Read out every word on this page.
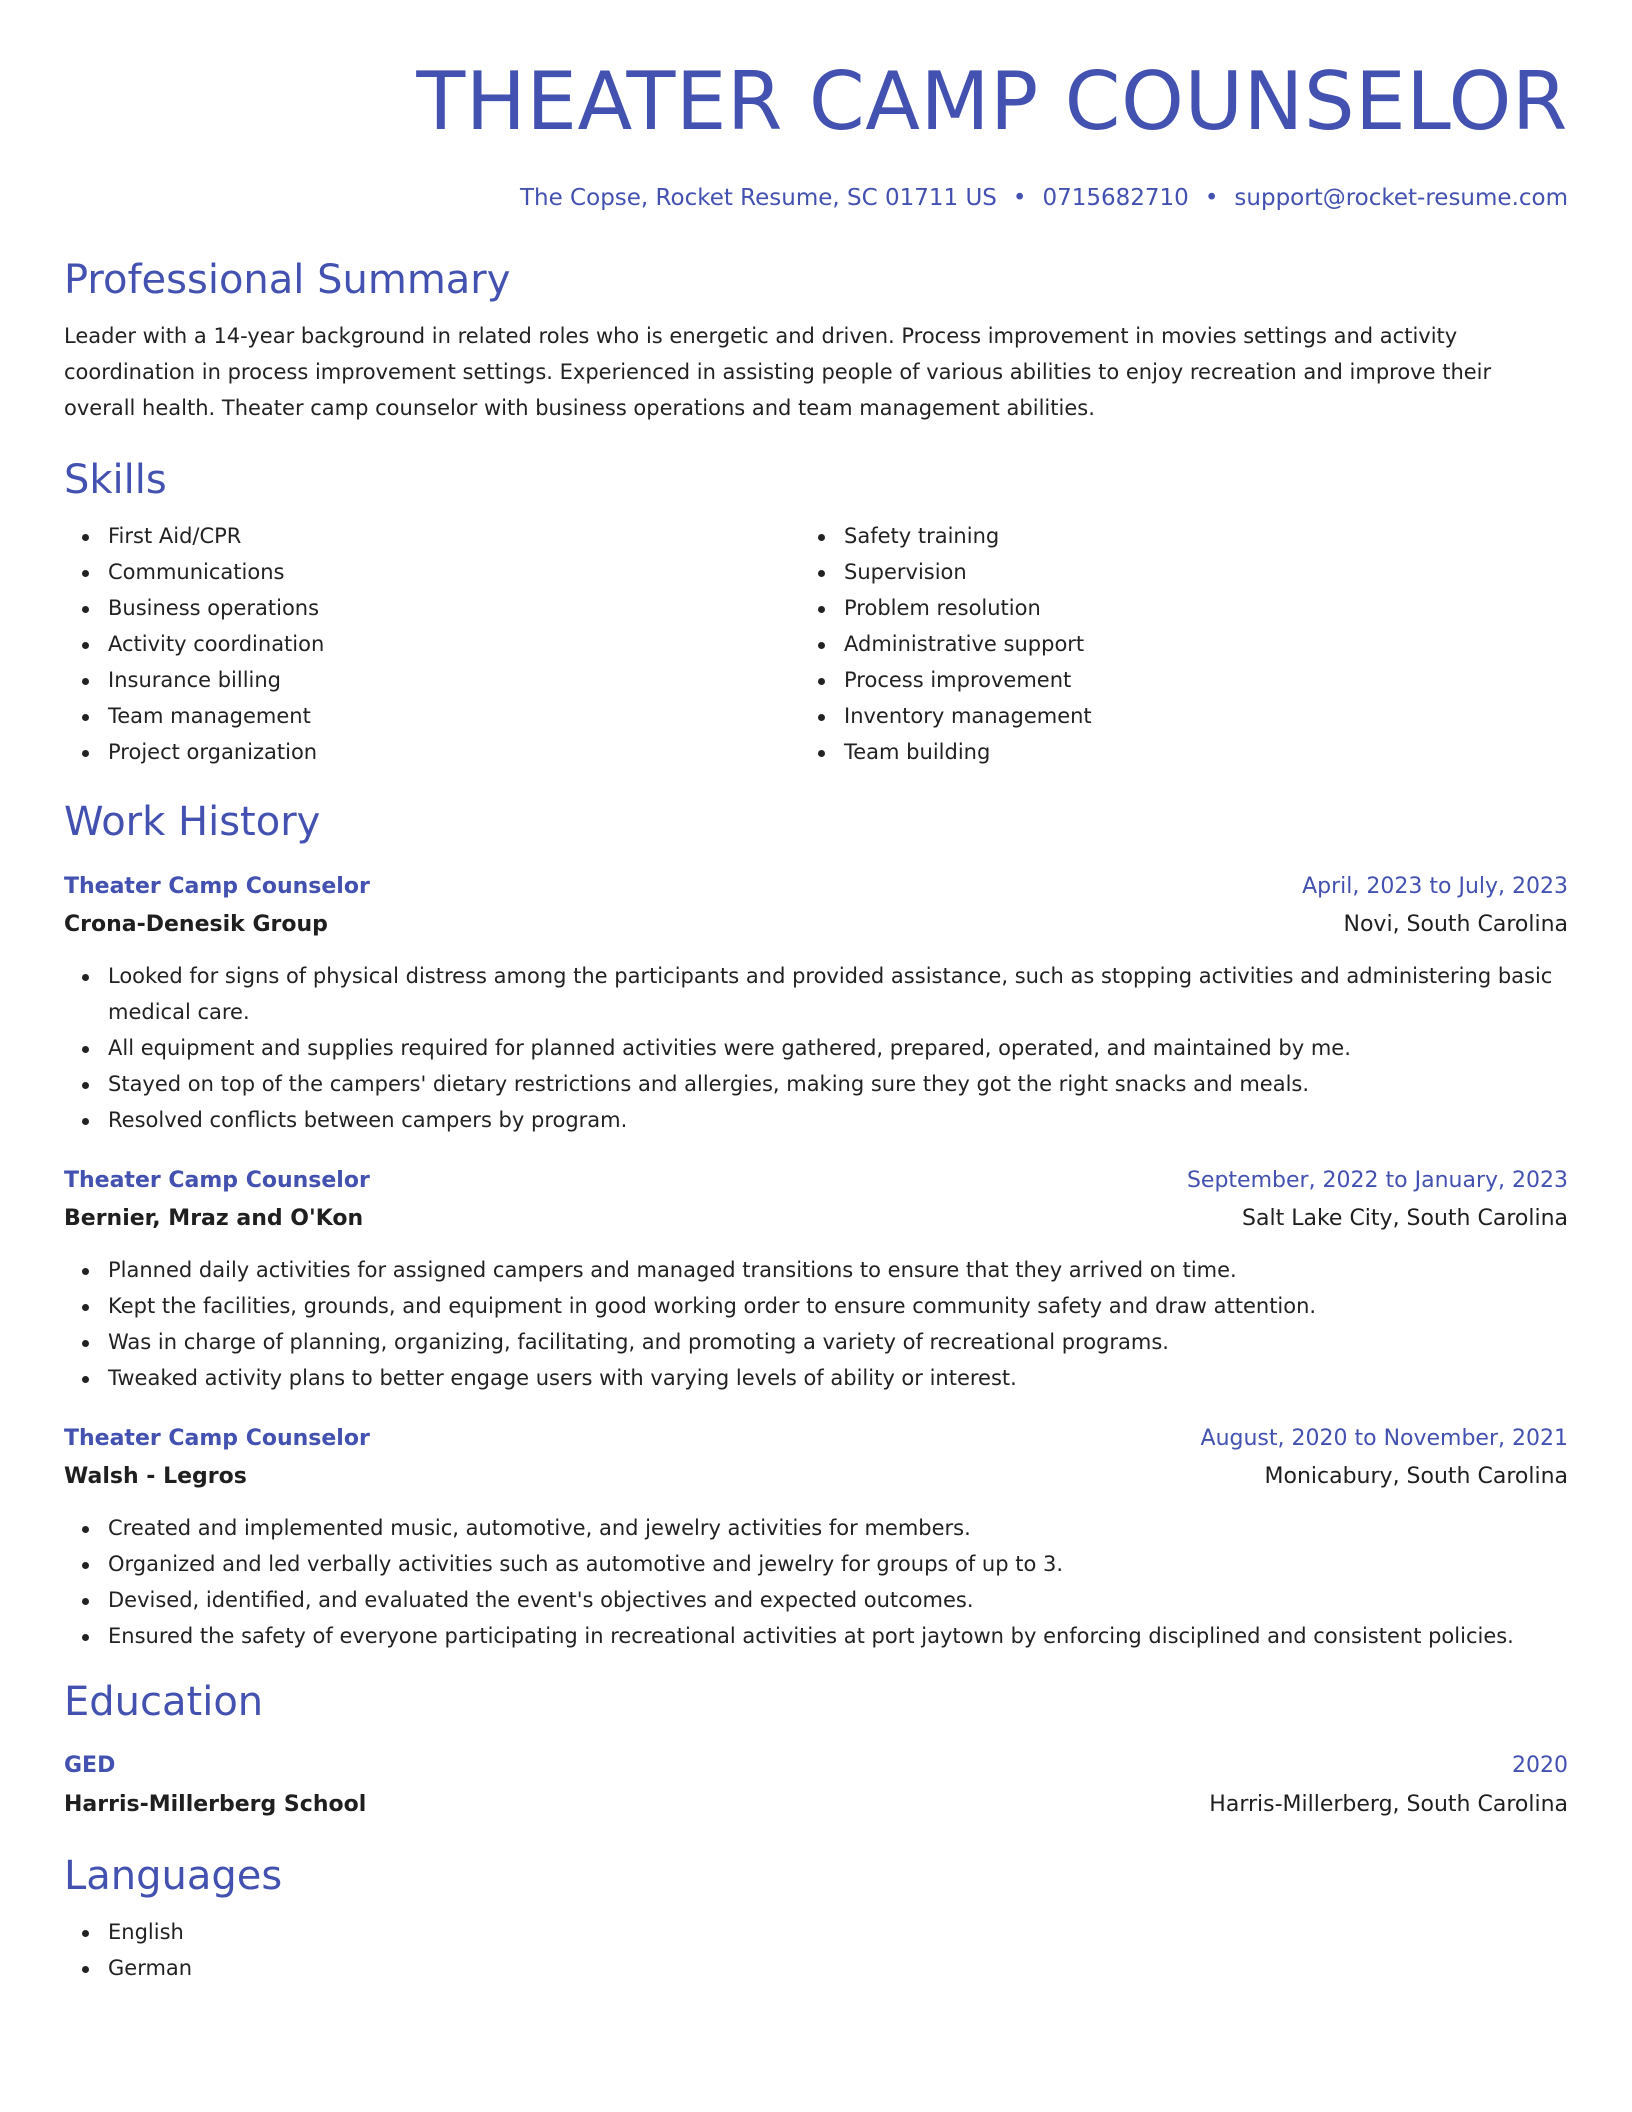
THEATER CAMP COUNSELOR
The Copse, Rocket Resume, SC 01711 US • 0715682710 • support@rocket-resume.com
Professional Summary

Leader with a 14-year background in related roles who is energetic and driven. Process improvement in movies settings and activity coordination in process improvement settings. Experienced in assisting people of various abilities to enjoy recreation and improve their overall health. Theater camp counselor with business operations and team management abilities.

Skills
First Aid/CPR
Communications
Business operations
Activity coordination
Insurance billing
Team management
Project organization
Safety training
Supervision
Problem resolution
Administrative support
Process improvement
Inventory management
Team building
Work History
Theater Camp Counselor	April, 2023 to July, 2023
Crona-Denesik Group	Novi, South Carolina
Looked for signs of physical distress among the participants and provided assistance, such as stopping activities and administering basic medical care.
All equipment and supplies required for planned activities were gathered, prepared, operated, and maintained by me.
Stayed on top of the campers' dietary restrictions and allergies, making sure they got the right snacks and meals.
Resolved conflicts between campers by program.
Theater Camp Counselor	September, 2022 to January, 2023
Bernier, Mraz and O'Kon	Salt Lake City, South Carolina
Planned daily activities for assigned campers and managed transitions to ensure that they arrived on time.
Kept the facilities, grounds, and equipment in good working order to ensure community safety and draw attention.
Was in charge of planning, organizing, facilitating, and promoting a variety of recreational programs.
Tweaked activity plans to better engage users with varying levels of ability or interest.
Theater Camp Counselor	August, 2020 to November, 2021
Walsh - Legros	Monicabury, South Carolina
Created and implemented music, automotive, and jewelry activities for members.
Organized and led verbally activities such as automotive and jewelry for groups of up to 3.
Devised, identified, and evaluated the event's objectives and expected outcomes.
Ensured the safety of everyone participating in recreational activities at port jaytown by enforcing disciplined and consistent policies.
Education
GED	2020
Harris-Millerberg School	Harris-Millerberg, South Carolina
Languages
English
German
